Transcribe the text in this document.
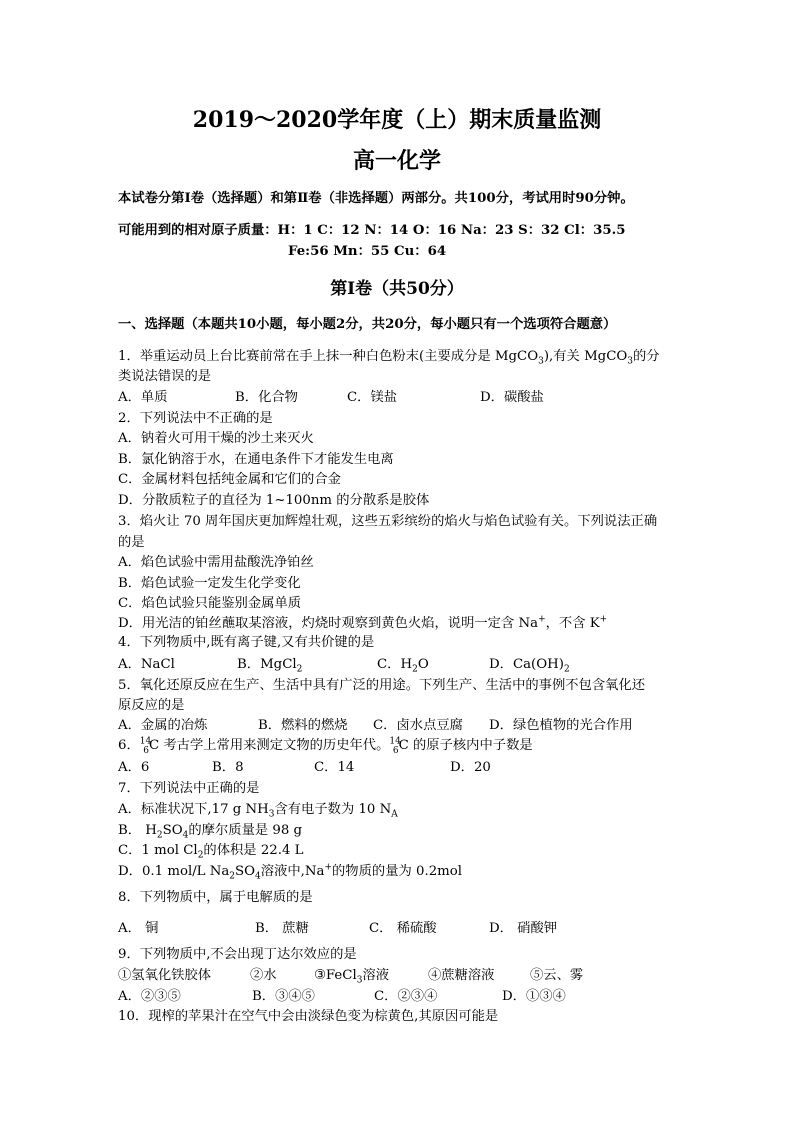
2019～2020学年度（上）期末质量监测
高一化学
本试卷分第Ⅰ卷（选择题）和第Ⅱ卷（非选择题）两部分。共100分，考试用时90分钟。
可能用到的相对原子质量：H：1 C：12 N：14 O：16 Na：23 S：32 Cl：35.5
Fe:56 Mn：55 Cu：64
第Ⅰ卷（共50分）
一、选择题（本题共10小题，每小题2分，共20分，每小题只有一个选项符合题意）
1．举重运动员上台比赛前常在手上抹一种白色粉末(主要成分是 MgCO$_3$),有关 MgCO$_3$的分
类说法错误的是
A．单质	B．化合物	C．镁盐	D．碳酸盐
2．下列说法中不正确的是
A．钠着火可用干燥的沙土来灭火
B．氯化钠溶于水，在通电条件下才能发生电离
C．金属材料包括纯金属和它们的合金
D．分散质粒子的直径为 1~100nm 的分散系是胶体
3．焰火让 70 周年国庆更加辉煌壮观，这些五彩缤纷的焰火与焰色试验有关。下列说法正确
的是
A．焰色试验中需用盐酸洗净铂丝
B．焰色试验一定发生化学变化
C．焰色试验只能鉴别金属单质
D．用光洁的铂丝蘸取某溶液，灼烧时观察到黄色火焰，说明一定含 Na+，不含 K+
4．下列物质中,既有离子键,又有共价键的是
A．NaCl	B．MgCl$_2$	C．$H_2O$	D．$Ca(OH)_2$
5．氧化还原反应在生产、生活中具有广泛的用途。下列生产、生活中的事例不包含氧化还
原反应的是
A．金属的冶炼	B．燃料的燃烧 C．卤水点豆腐 D．绿色植物的光合作用
6．$^{14}_6$C 考古学上常用来测定文物的历史年代。$^{14}_6$C 的原子核内中子数是
A．6	B．8	C．14	D．20
7．下列说法中正确的是
A．标准状况下,17 g $NH_3$含有电子数为 10 $N_A$
B． $H_2SO_4$的摩尔质量是 98 g
C．1 mol $Cl_2$的体积是 22.4 L
D．0.1 mol/L $Na_2SO_4$溶液中,Na+的物质的量为 0.2mol
8．下列物质中，属于电解质的是
A． 铜	B． 蔗糖	C． 稀硫酸	D． 硝酸钾
9．下列物质中,不会出现丁达尔效应的是
①氢氧化铁胶体	②水	③FeCl$_3$溶液	④蔗糖溶液	⑤云、雾
A．②③⑤	B．③④⑤	C．②③④	D．①③④
10．现榨的苹果汁在空气中会由淡绿色变为棕黄色,其原因可能是
